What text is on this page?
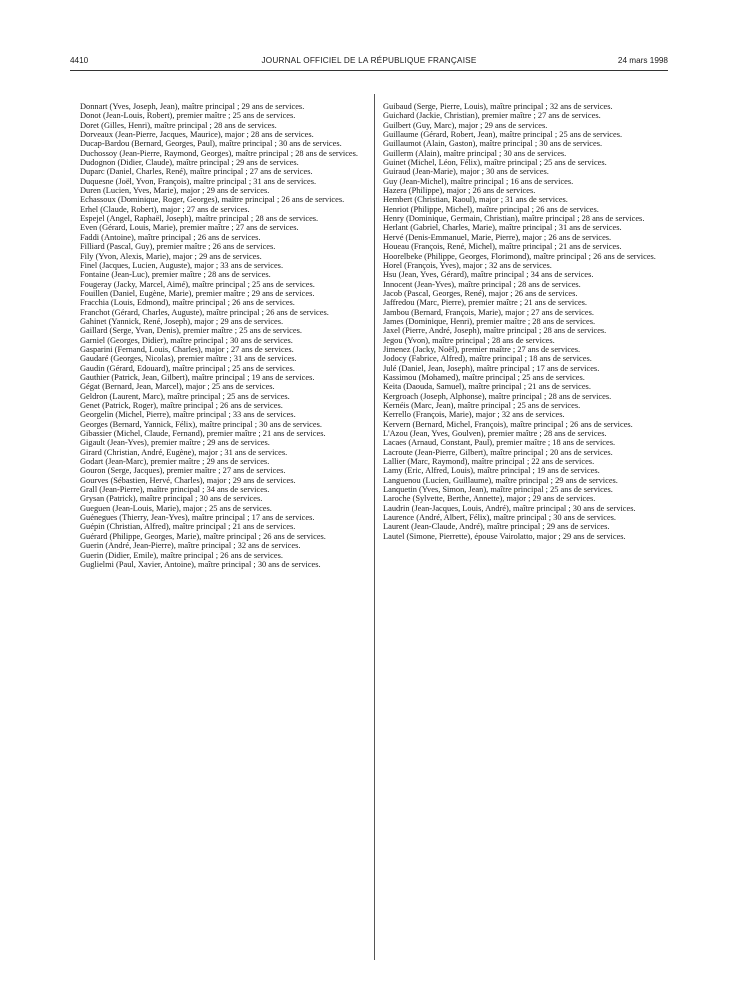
4410	JOURNAL OFFICIEL DE LA RÉPUBLIQUE FRANÇAISE	24 mars 1998

Donnart (Yves, Joseph, Jean), maître principal ; 29 ans de services.

Donot (Jean-Louis, Robert), premier maître ; 25 ans de services.

Doret (Gilles, Henri), maître principal ; 28 ans de services.

Dorveaux (Jean-Pierre, Jacques, Maurice), major ; 28 ans de services.

Ducap-Bardou (Bernard, Georges, Paul), maître principal ; 30 ans de services.

Duchossoy (Jean-Pierre, Raymond, Georges), maître principal ; 28 ans de services.

Dudognon (Didier, Claude), maître principal ; 29 ans de services.

Duparc (Daniel, Charles, René), maître principal ; 27 ans de services.

Duquesne (Joël, Yvon, François), maître principal ; 31 ans de services.

Duren (Lucien, Yves, Marie), major ; 29 ans de services.

Echassoux (Dominique, Roger, Georges), maître principal ; 26 ans de services.

Erhel (Claude, Robert), major ; 27 ans de services.

Espejel (Angel, Raphaël, Joseph), maître principal ; 28 ans de services.

Even (Gérard, Louis, Marie), premier maître ; 27 ans de services.

Faddi (Antoine), maître principal ; 26 ans de services.

Filliard (Pascal, Guy), premier maître ; 26 ans de services.

Fily (Yvon, Alexis, Marie), major ; 29 ans de services.

Finel (Jacques, Lucien, Auguste), major ; 33 ans de services.

Fontaine (Jean-Luc), premier maître ; 28 ans de services.

Fougeray (Jacky, Marcel, Aimé), maître principal ; 25 ans de services.

Fouillen (Daniel, Eugène, Marie), premier maître ; 29 ans de services.

Fracchia (Louis, Edmond), maître principal ; 26 ans de services.

Franchot (Gérard, Charles, Auguste), maître principal ; 26 ans de services.

Gahinet (Yannick, René, Joseph), major ; 29 ans de services.

Gaillard (Serge, Yvan, Denis), premier maître ; 25 ans de services.

Garniel (Georges, Didier), maître principal ; 30 ans de services.

Gasparini (Fernand, Louis, Charles), major ; 27 ans de services.

Gaudaré (Georges, Nicolas), premier maître ; 31 ans de services.

Gaudin (Gérard, Edouard), maître principal ; 25 ans de services.

Gauthier (Patrick, Jean, Gilbert), maître principal ; 19 ans de services.

Gégat (Bernard, Jean, Marcel), major ; 25 ans de services.

Geldron (Laurent, Marc), maître principal ; 25 ans de services.

Genet (Patrick, Roger), maître principal ; 26 ans de services.

Georgelin (Michel, Pierre), maître principal ; 33 ans de services.

Georges (Bernard, Yannick, Félix), maître principal ; 30 ans de services.

Gibassier (Michel, Claude, Fernand), premier maître ; 21 ans de services.

Gigault (Jean-Yves), premier maître ; 29 ans de services.

Girard (Christian, André, Eugène), major ; 31 ans de services.

Godart (Jean-Marc), premier maître ; 29 ans de services.

Gouron (Serge, Jacques), premier maître ; 27 ans de services.

Gourves (Sébastien, Hervé, Charles), major ; 29 ans de services.

Grall (Jean-Pierre), maître principal ; 34 ans de services.

Grysan (Patrick), maître principal ; 30 ans de services.

Gueguen (Jean-Louis, Marie), major ; 25 ans de services.

Guénegues (Thierry, Jean-Yves), maître principal ; 17 ans de services.

Guépin (Christian, Alfred), maître principal ; 21 ans de services.

Guérard (Philippe, Georges, Marie), maître principal ; 26 ans de services.

Guerin (André, Jean-Pierre), maître principal ; 32 ans de services.

Guerin (Didier, Emile), maître principal ; 26 ans de services.

Guglielmi (Paul, Xavier, Antoine), maître principal ; 30 ans de services.

Guibaud (Serge, Pierre, Louis), maître principal ; 32 ans de services.

Guichard (Jackie, Christian), premier maître ; 27 ans de services.

Guilbert (Guy, Marc), major ; 29 ans de services.

Guillaume (Gérard, Robert, Jean), maître principal ; 25 ans de services.

Guillaumot (Alain, Gaston), maître principal ; 30 ans de services.

Guillerm (Alain), maître principal ; 30 ans de services.

Guinet (Michel, Léon, Félix), maître principal ; 25 ans de services.

Guiraud (Jean-Marie), major ; 30 ans de services.

Guy (Jean-Michel), maître principal ; 16 ans de services.

Hazera (Philippe), major ; 26 ans de services.

Hembert (Christian, Raoul), major ; 31 ans de services.

Henriot (Philippe, Michel), maître principal ; 26 ans de services.

Henry (Dominique, Germain, Christian), maître principal ; 28 ans de services.

Herlant (Gabriel, Charles, Marie), maître principal ; 31 ans de services.

Hervé (Denis-Emmanuel, Marie, Pierre), major ; 26 ans de services.

Houeau (François, René, Michel), maître principal ; 21 ans de services.

Hoorelbeke (Philippe, Georges, Florimond), maître principal ; 26 ans de services.

Horel (François, Yves), major ; 32 ans de services.

Hsu (Jean, Yves, Gérard), maître principal ; 34 ans de services.

Innocent (Jean-Yves), maître principal ; 28 ans de services.

Jacob (Pascal, Georges, René), major ; 26 ans de services.

Jaffredou (Marc, Pierre), premier maître ; 21 ans de services.

Jambou (Bernard, François, Marie), major ; 27 ans de services.

James (Dominique, Henri), premier maître ; 28 ans de services.

Jaxel (Pierre, André, Joseph), maître principal ; 28 ans de services.

Jegou (Yvon), maître principal ; 28 ans de services.

Jimenez (Jacky, Noël), premier maître ; 27 ans de services.

Jodocy (Fabrice, Alfred), maître principal ; 18 ans de services.

Julé (Daniel, Jean, Joseph), maître principal ; 17 ans de services.

Kassimou (Mohamed), maître principal ; 25 ans de services.

Keita (Daouda, Samuel), maître principal ; 21 ans de services.

Kergroach (Joseph, Alphonse), maître principal ; 28 ans de services.

Kernéis (Marc, Jean), maître principal ; 25 ans de services.

Kerrello (François, Marie), major ; 32 ans de services.

Kervern (Bernard, Michel, François), maître principal ; 26 ans de services.

L'Azou (Jean, Yves, Goulven), premier maître ; 28 ans de services.

Lacaes (Arnaud, Constant, Paul), premier maître ; 18 ans de services.

Lacroute (Jean-Pierre, Gilbert), maître principal ; 20 ans de services.

Lallier (Marc, Raymond), maître principal ; 22 ans de services.

Lamy (Eric, Alfred, Louis), maître principal ; 19 ans de services.

Languenou (Lucien, Guillaume), maître principal ; 29 ans de services.

Lanquetin (Yves, Simon, Jean), maître principal ; 25 ans de services.

Laroche (Sylvette, Berthe, Annette), major ; 29 ans de services.

Laudrin (Jean-Jacques, Louis, André), maître principal ; 30 ans de services.

Laurence (André, Albert, Félix), maître principal ; 30 ans de services.

Laurent (Jean-Claude, André), maître principal ; 29 ans de services.

Lautel (Simone, Pierrette), épouse Vairolatto, major ; 29 ans de services.
